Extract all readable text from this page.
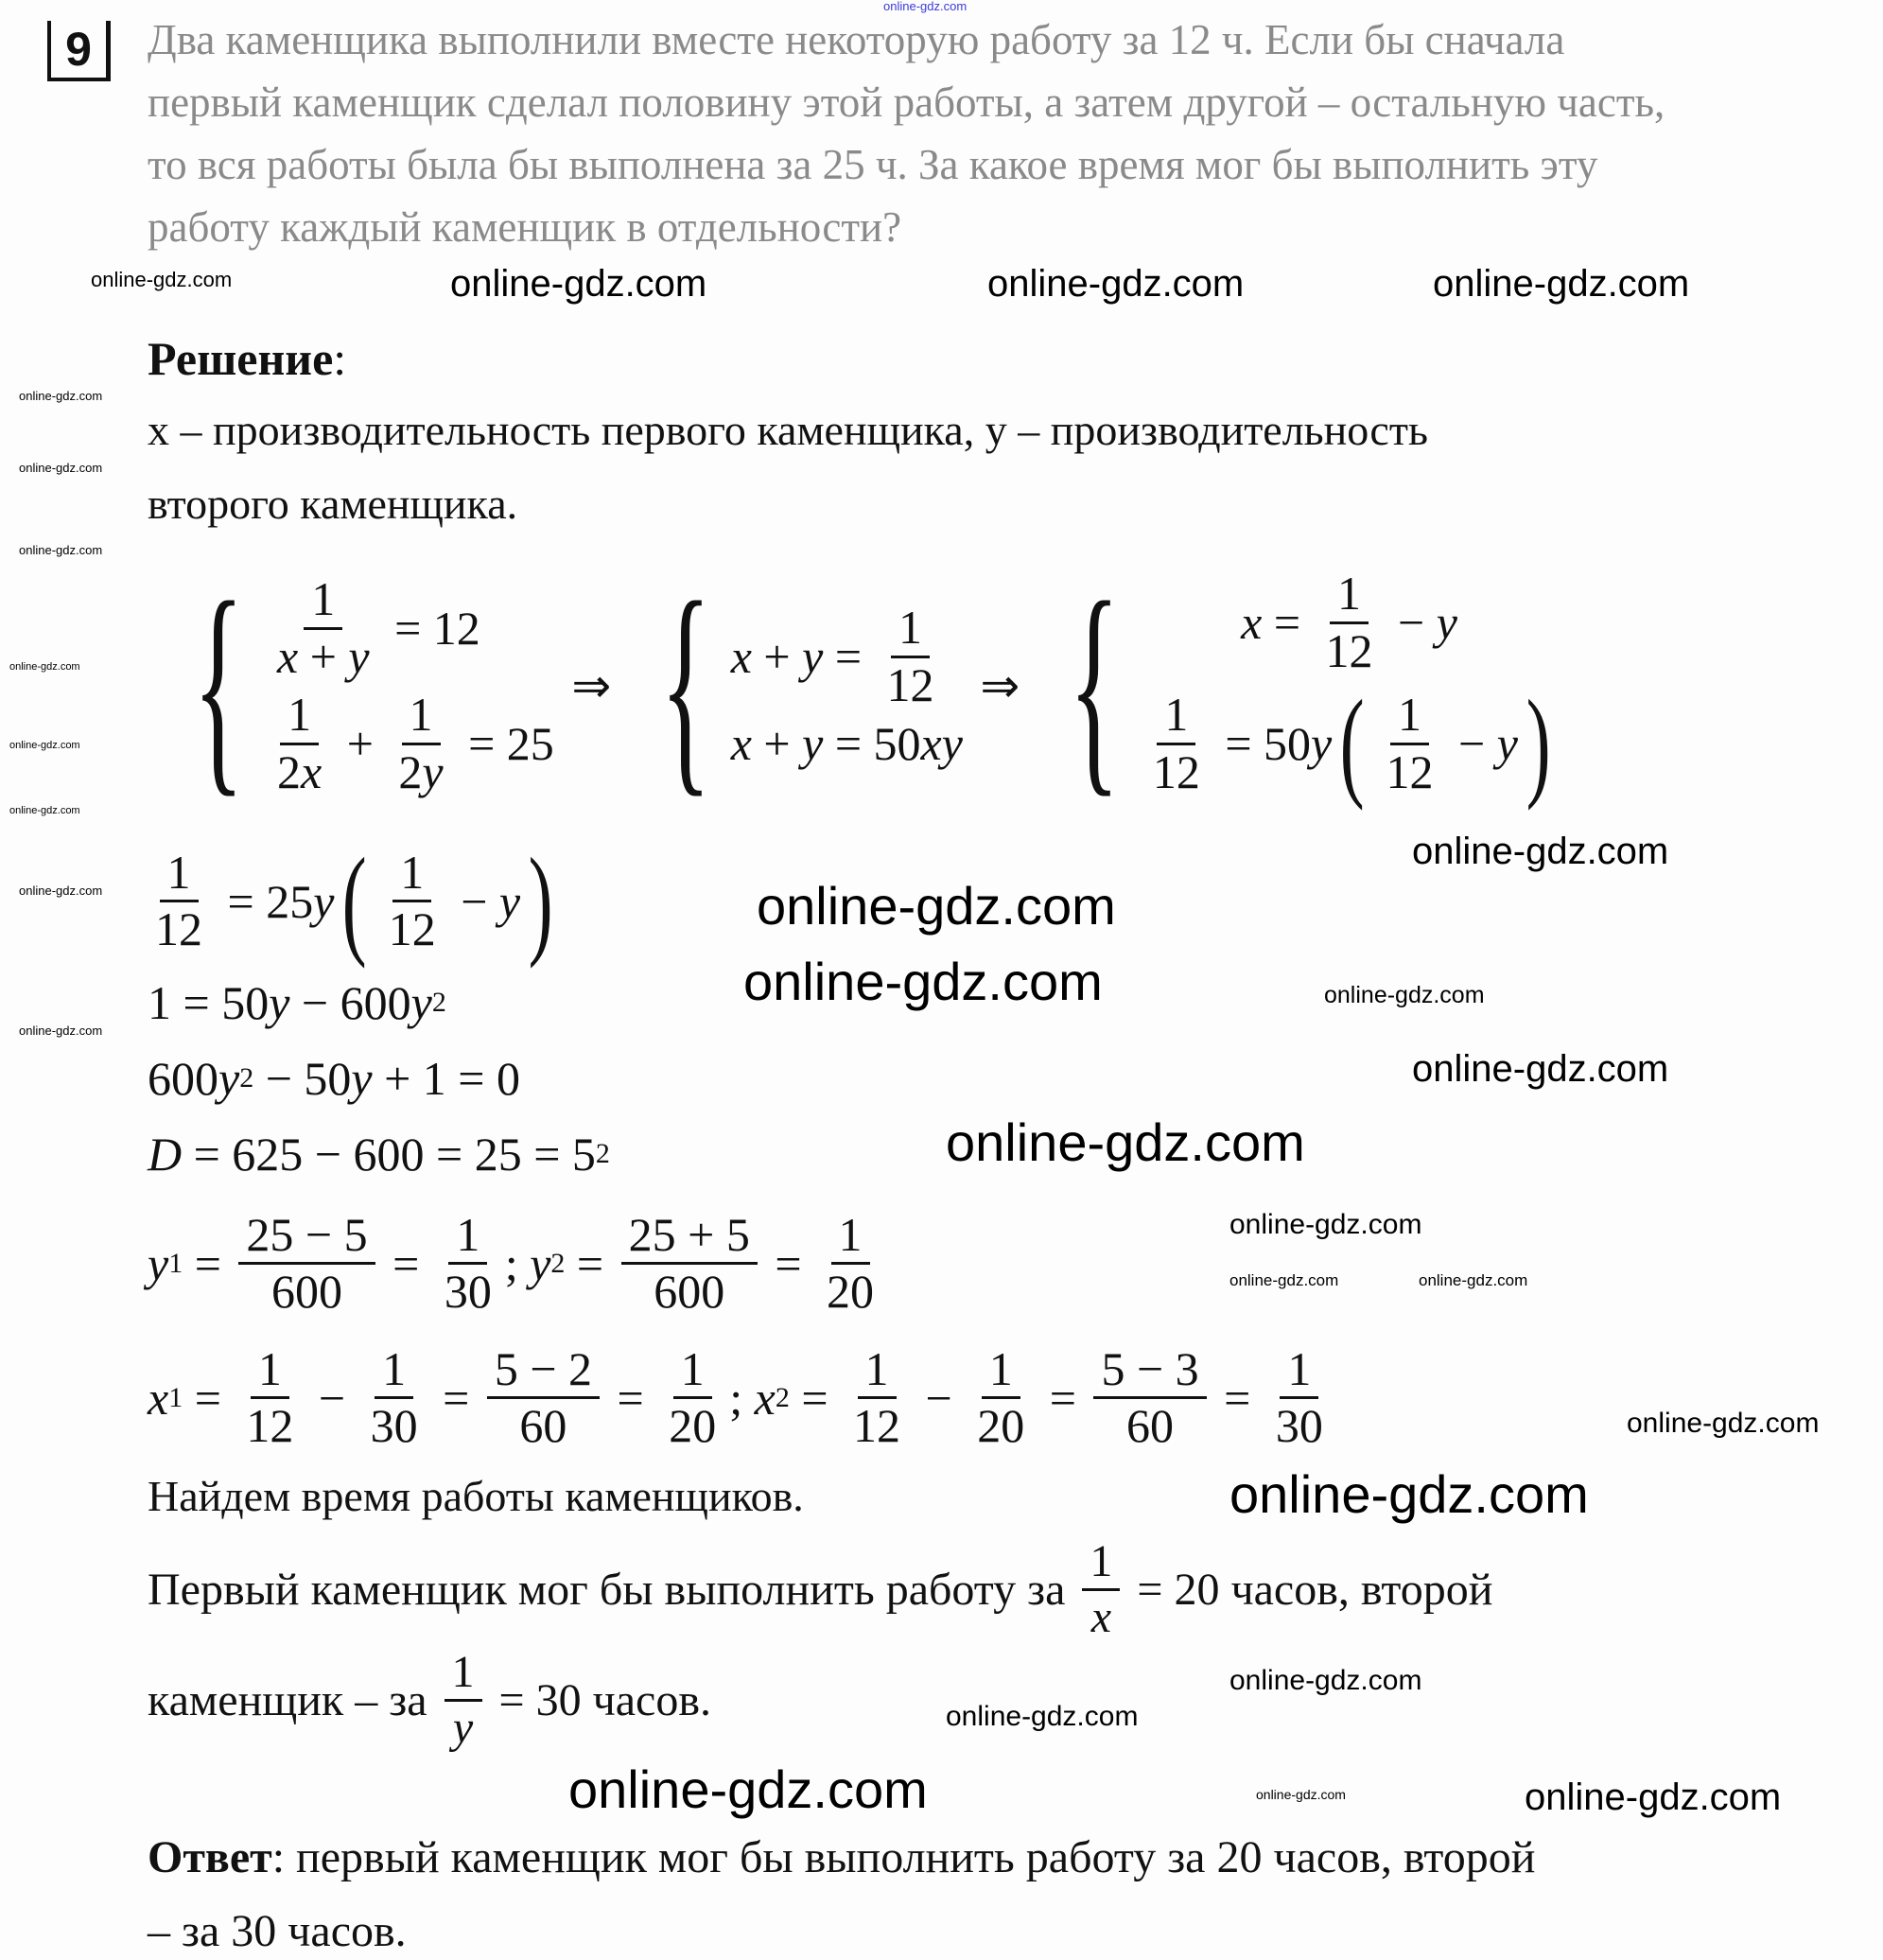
9	Два каменщика выполнили вместе некоторую работу за 12 ч. Если бы сначала
первый каменщик сделал половину этой работы, а затем другой – остальную часть,
то вся работы была бы выполнена за 25 ч. За какое время мог бы выполнить эту
работу каждый каменщик в отдельности?
Решение:
x – производительность первого каменщика, y – производительность
второго каменщика.
{ $\frac{1}{x + y} = 12$
$\frac{1}{2 x} + \frac{1}{2 y} = 25$
⇒ { $x + y = \frac{1}{12}$
x + y = 50 xy
⇒ {	$x = \frac{1}{12} - y$
$\frac{1}{12} = 50$ y ( $\frac{1}{12} - y$ )
$\frac{1}{12} = 25$ y ( $\frac{1}{12} - y$ )
1 = 50 y − 600 y 2
600 y 2 − 50 y + 1 = 0
D = 625 − 600 = 25 = 5 2
y $1 = \frac{25 - 5}{600} = \frac{1}{30}$ ; y $2 = \frac{25 + 5}{600} = \frac{1}{20}$
x $1 = \frac{1}{12} - \frac{1}{30} = \frac{5 - 2}{60} = \frac{1}{20}$ ; x $2 = \frac{1}{12} - \frac{1}{20} = \frac{5 - 3}{60} = \frac{1}{30}$
Найдем время работы каменщиков.
Первый каменщик мог бы выполнить работу за $\frac{1}{x} = 20$ часов, второй
каменщик – за $\frac{1}{y} = 30$ часов.
Ответ: первый каменщик мог бы выполнить работу за 20 часов, второй
– за 30 часов.
online-gdz.com
online-gdz.com	online-gdz.com	online-gdz.com	online-gdz.com
online-gdz.com
online-gdz.com
online-gdz.com
online-gdz.com
online-gdz.com
online-gdz.com
online-gdz.com
online-gdz.com
online-gdz.com
online-gdz.com
online-gdz.com
online-gdz.com
online-gdz.com
online-gdz.com
online-gdz.com
online-gdz.com	online-gdz.com
online-gdz.com
online-gdz.com
online-gdz.com
online-gdz.com
online-gdz.com
online-gdz.com	online-gdz.com
